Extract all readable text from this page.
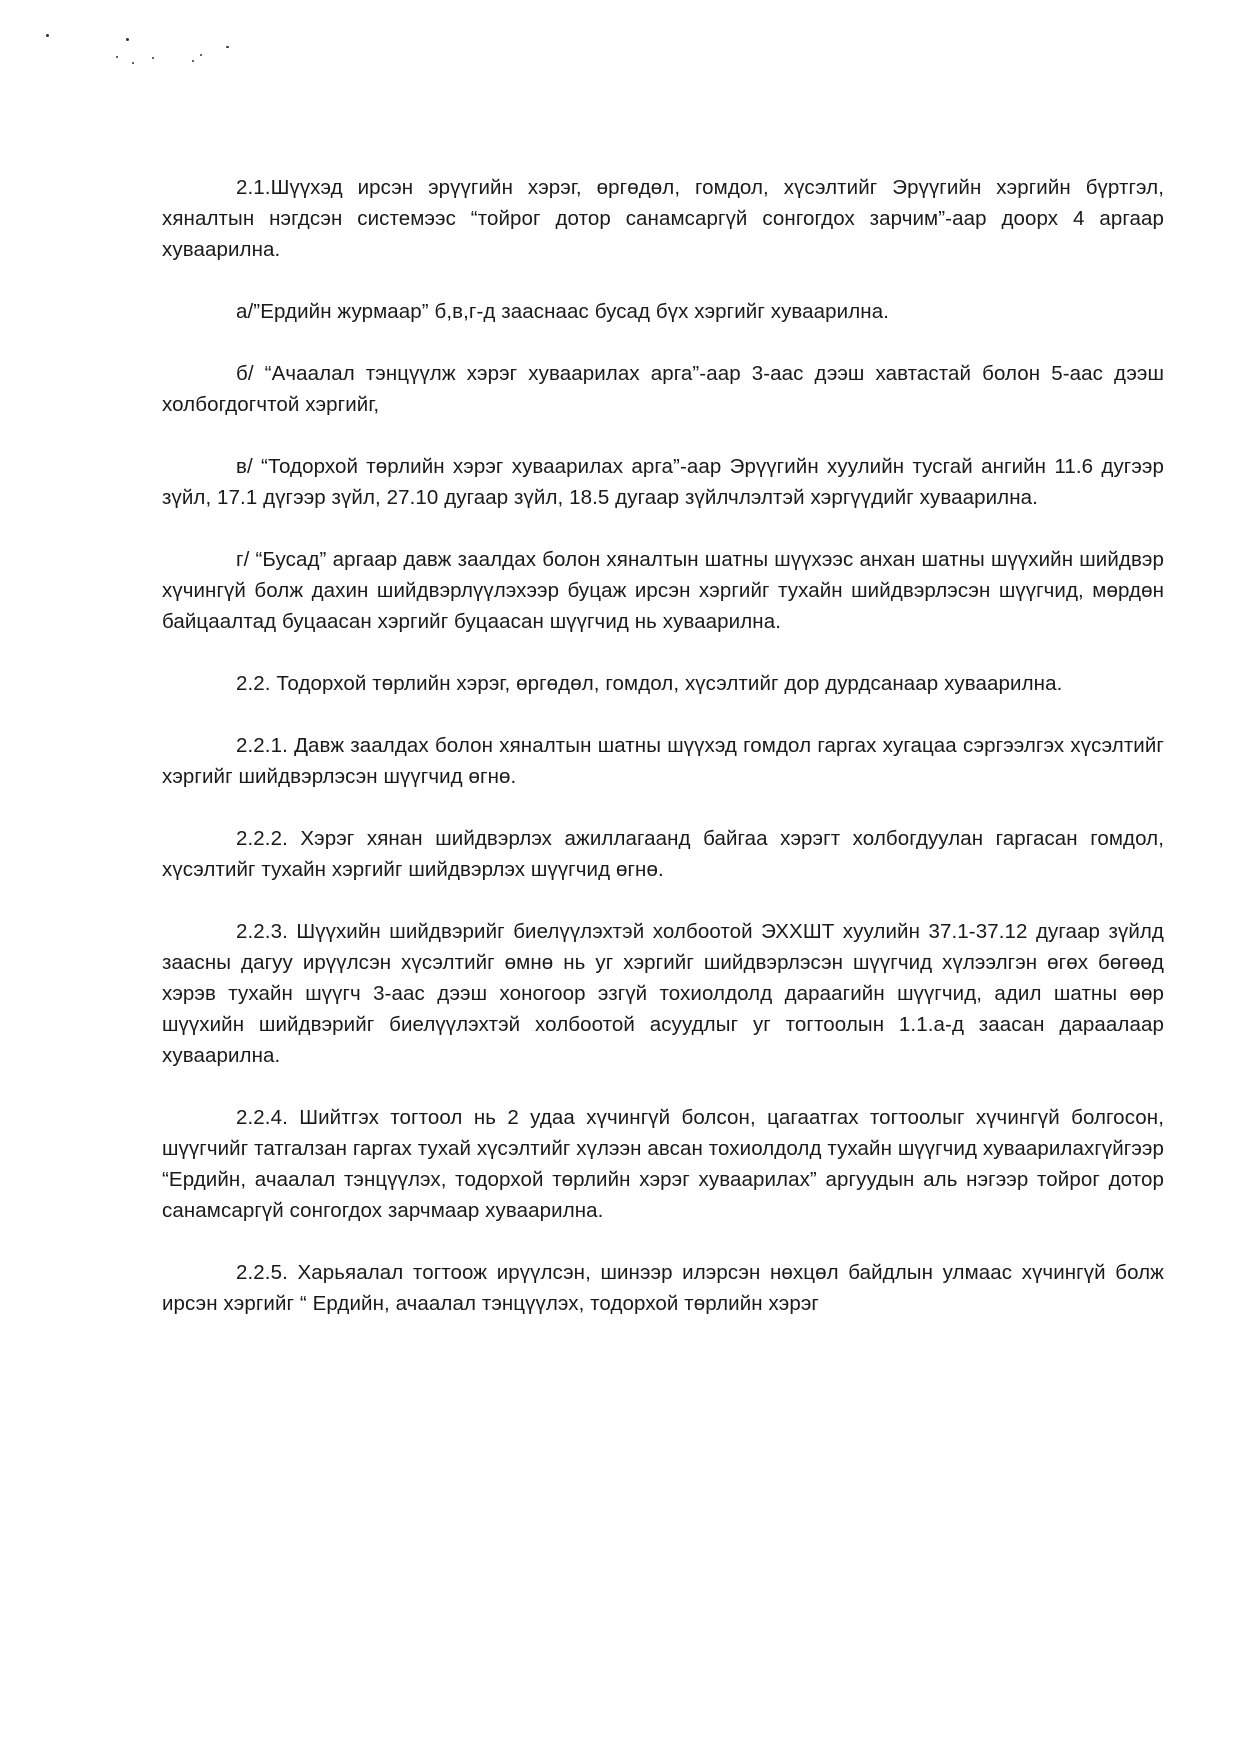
2.1.Шүүхэд ирсэн эрүүгийн хэрэг, өргөдөл, гомдол, хүсэлтийг Эрүүгийн хэргийн бүртгэл, хяналтын нэгдсэн системээс “тойрог дотор санамсаргүй сонгогдох зарчим”-аар доорх 4 аргаар хуваарилна.

а/”Ердийн журмаар” б,в,г-д зааснаас бусад бүх хэргийг хуваарилна.

б/ “Ачаалал тэнцүүлж хэрэг хуваарилах арга”-аар 3-аас дээш хавтастай болон 5-аас дээш холбогдогчтой хэргийг,

в/ “Тодорхой төрлийн хэрэг хуваарилах арга”-аар Эрүүгийн хуулийн тусгай ангийн 11.6 дугээр зүйл, 17.1 дүгээр зүйл, 27.10 дугаар зүйл, 18.5 дугаар зүйлчлэлтэй хэргүүдийг хуваарилна.

г/ “Бусад” аргаар давж заалдах болон хяналтын шатны шүүхээс анхан шатны шүүхийн шийдвэр хүчингүй болж дахин шийдвэрлүүлэхээр буцаж ирсэн хэргийг тухайн шийдвэрлэсэн шүүгчид, мөрдөн байцаалтад буцаасан хэргийг буцаасан шүүгчид нь хуваарилна.

2.2. Тодорхой төрлийн хэрэг, өргөдөл, гомдол, хүсэлтийг дор дурдсанаар хуваарилна.

2.2.1. Давж заалдах болон хяналтын шатны шүүхэд гомдол гаргах хугацаа сэргээлгэх хүсэлтийг хэргийг шийдвэрлэсэн шүүгчид өгнө.

2.2.2. Хэрэг хянан шийдвэрлэх ажиллагаанд байгаа хэрэгт холбогдуулан гаргасан гомдол, хүсэлтийг тухайн хэргийг шийдвэрлэх шүүгчид өгнө.

2.2.3. Шүүхийн шийдвэрийг биелүүлэхтэй холбоотой ЭХХШТ хуулийн 37.1-37.12 дугаар зүйлд заасны дагуу ирүүлсэн хүсэлтийг өмнө нь уг хэргийг шийдвэрлэсэн шүүгчид хүлээлгэн өгөх бөгөөд хэрэв тухайн шүүгч 3-аас дээш хоногоор эзгүй тохиолдолд дараагийн шүүгчид, адил шатны өөр шүүхийн шийдвэрийг биелүүлэхтэй холбоотой асуудлыг уг тогтоолын 1.1.а-д заасан дараалаар хуваарилна.

2.2.4. Шийтгэх тогтоол нь 2 удаа хүчингүй болсон, цагаатгах тогтоолыг хүчингүй болгосон, шүүгчийг татгалзан гаргах тухай хүсэлтийг хүлээн авсан тохиолдолд тухайн шүүгчид хуваарилахгүйгээр “Ердийн, ачаалал тэнцүүлэх, тодорхой төрлийн хэрэг хуваарилах” аргуудын аль нэгээр тойрог дотор санамсаргүй сонгогдох зарчмаар хуваарилна.

2.2.5. Харьяалал тогтоож ирүүлсэн, шинээр илэрсэн нөхцөл байдлын улмаас хүчингүй болж ирсэн хэргийг “ Ердийн, ачаалал тэнцүүлэх, тодорхой төрлийн хэрэг
